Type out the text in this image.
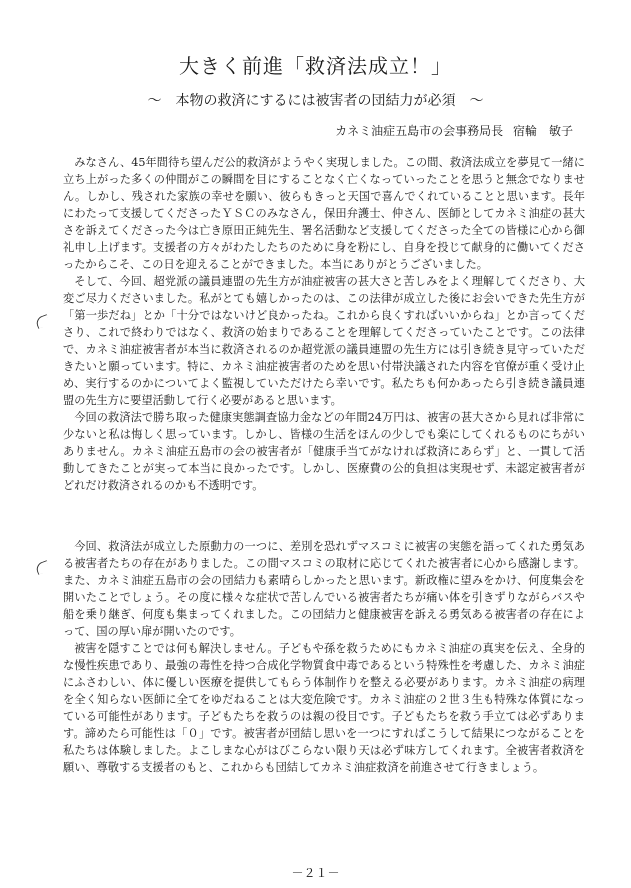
大きく前進「救済法成立！」
～　本物の救済にするには被害者の団結力が必須　～
カネミ油症五島市の会事務局長 宿輪　敏子

みなさん、45年間待ち望んだ公的救済がようやく実現しました。この間、救済法成立を夢見て一緒に立ち上がった多くの仲間がこの瞬間を目にすることなく亡くなっていったことを思うと無念でなりません。しかし、残された家族の幸せを願い、彼らもきっと天国で喜んでくれていることと思います。長年にわたって支援してくださったＹＳＣのみなさん，保田弁護士、仲さん、医師としてカネミ油症の甚大さを訴えてくださった今は亡き原田正純先生、署名活動など支援してくださった全ての皆様に心から御礼申し上げます。支援者の方々がわたしたちのために身を粉にし、自身を投じて献身的に働いてくださったからこそ、この日を迎えることができました。本当にありがとうございました。

そして、今回、超党派の議員連盟の先生方が油症被害の甚大さと苦しみをよく理解してくださり、大変ご尽力くださいました。私がとても嬉しかったのは、この法律が成立した後にお会いできた先生方が「第一歩だね」とか「十分ではないけど良かったね。これから良くすればいいからね」とか言ってくださり、これで終わりではなく、救済の始まりであることを理解してくださっていたことです。この法律で、カネミ油症被害者が本当に救済されるのか超党派の議員連盟の先生方には引き続き見守っていただきたいと願っています。特に、カネミ油症被害者のためを思い付帯決議された内容を官僚が重く受け止め、実行するのかについてよく監視していただけたら幸いです。私たちも何かあったら引き続き議員連盟の先生方に要望活動して行く必要があると思います。

今回の救済法で勝ち取った健康実態調査協力金などの年間24万円は、被害の甚大さから見れば非常に少ないと私は悔しく思っています。しかし、皆様の生活をほんの少しでも楽にしてくれるものにちがいありません。カネミ油症五島市の会の被害者が「健康手当てがなければ救済にあらず」と、一貫して活動してきたことが実って本当に良かったです。しかし、医療費の公的負担は実現せず、未認定被害者がどれだけ救済されるのかも不透明です。

今回、救済法が成立した原動力の一つに、差別を恐れずマスコミに被害の実態を語ってくれた勇気ある被害者たちの存在がありました。この間マスコミの取材に応じてくれた被害者に心から感謝します。また、カネミ油症五島市の会の団結力も素晴らしかったと思います。新政権に望みをかけ、何度集会を開いたことでしょう。その度に様々な症状で苦しんでいる被害者たちが痛い体を引きずりながらバスや船を乗り継ぎ、何度も集まってくれました。この団結力と健康被害を訴える勇気ある被害者の存在によって、国の厚い扉が開いたのです。

被害を隠すことでは何も解決しません。子どもや孫を救うためにもカネミ油症の真実を伝え、全身的な慢性疾患であり、最強の毒性を持つ合成化学物質食中毒であるという特殊性を考慮した、カネミ油症にふさわしい、体に優しい医療を提供してもらう体制作りを整える必要があります。カネミ油症の病理を全く知らない医師に全てをゆだねることは大変危険です。カネミ油症の２世３生も特殊な体質になっている可能性があります。子どもたちを救うのは親の役目です。子どもたちを救う手立ては必ずあります。諦めたら可能性は「０」です。被害者が団結し思いを一つにすればこうして結果につながることを私たちは体験しました。よこしまな心がはびこらない限り天は必ず味方してくれます。全被害者救済を願い、尊敬する支援者のもと、これからも団結してカネミ油症救済を前進させて行きましょう。

－２１－
